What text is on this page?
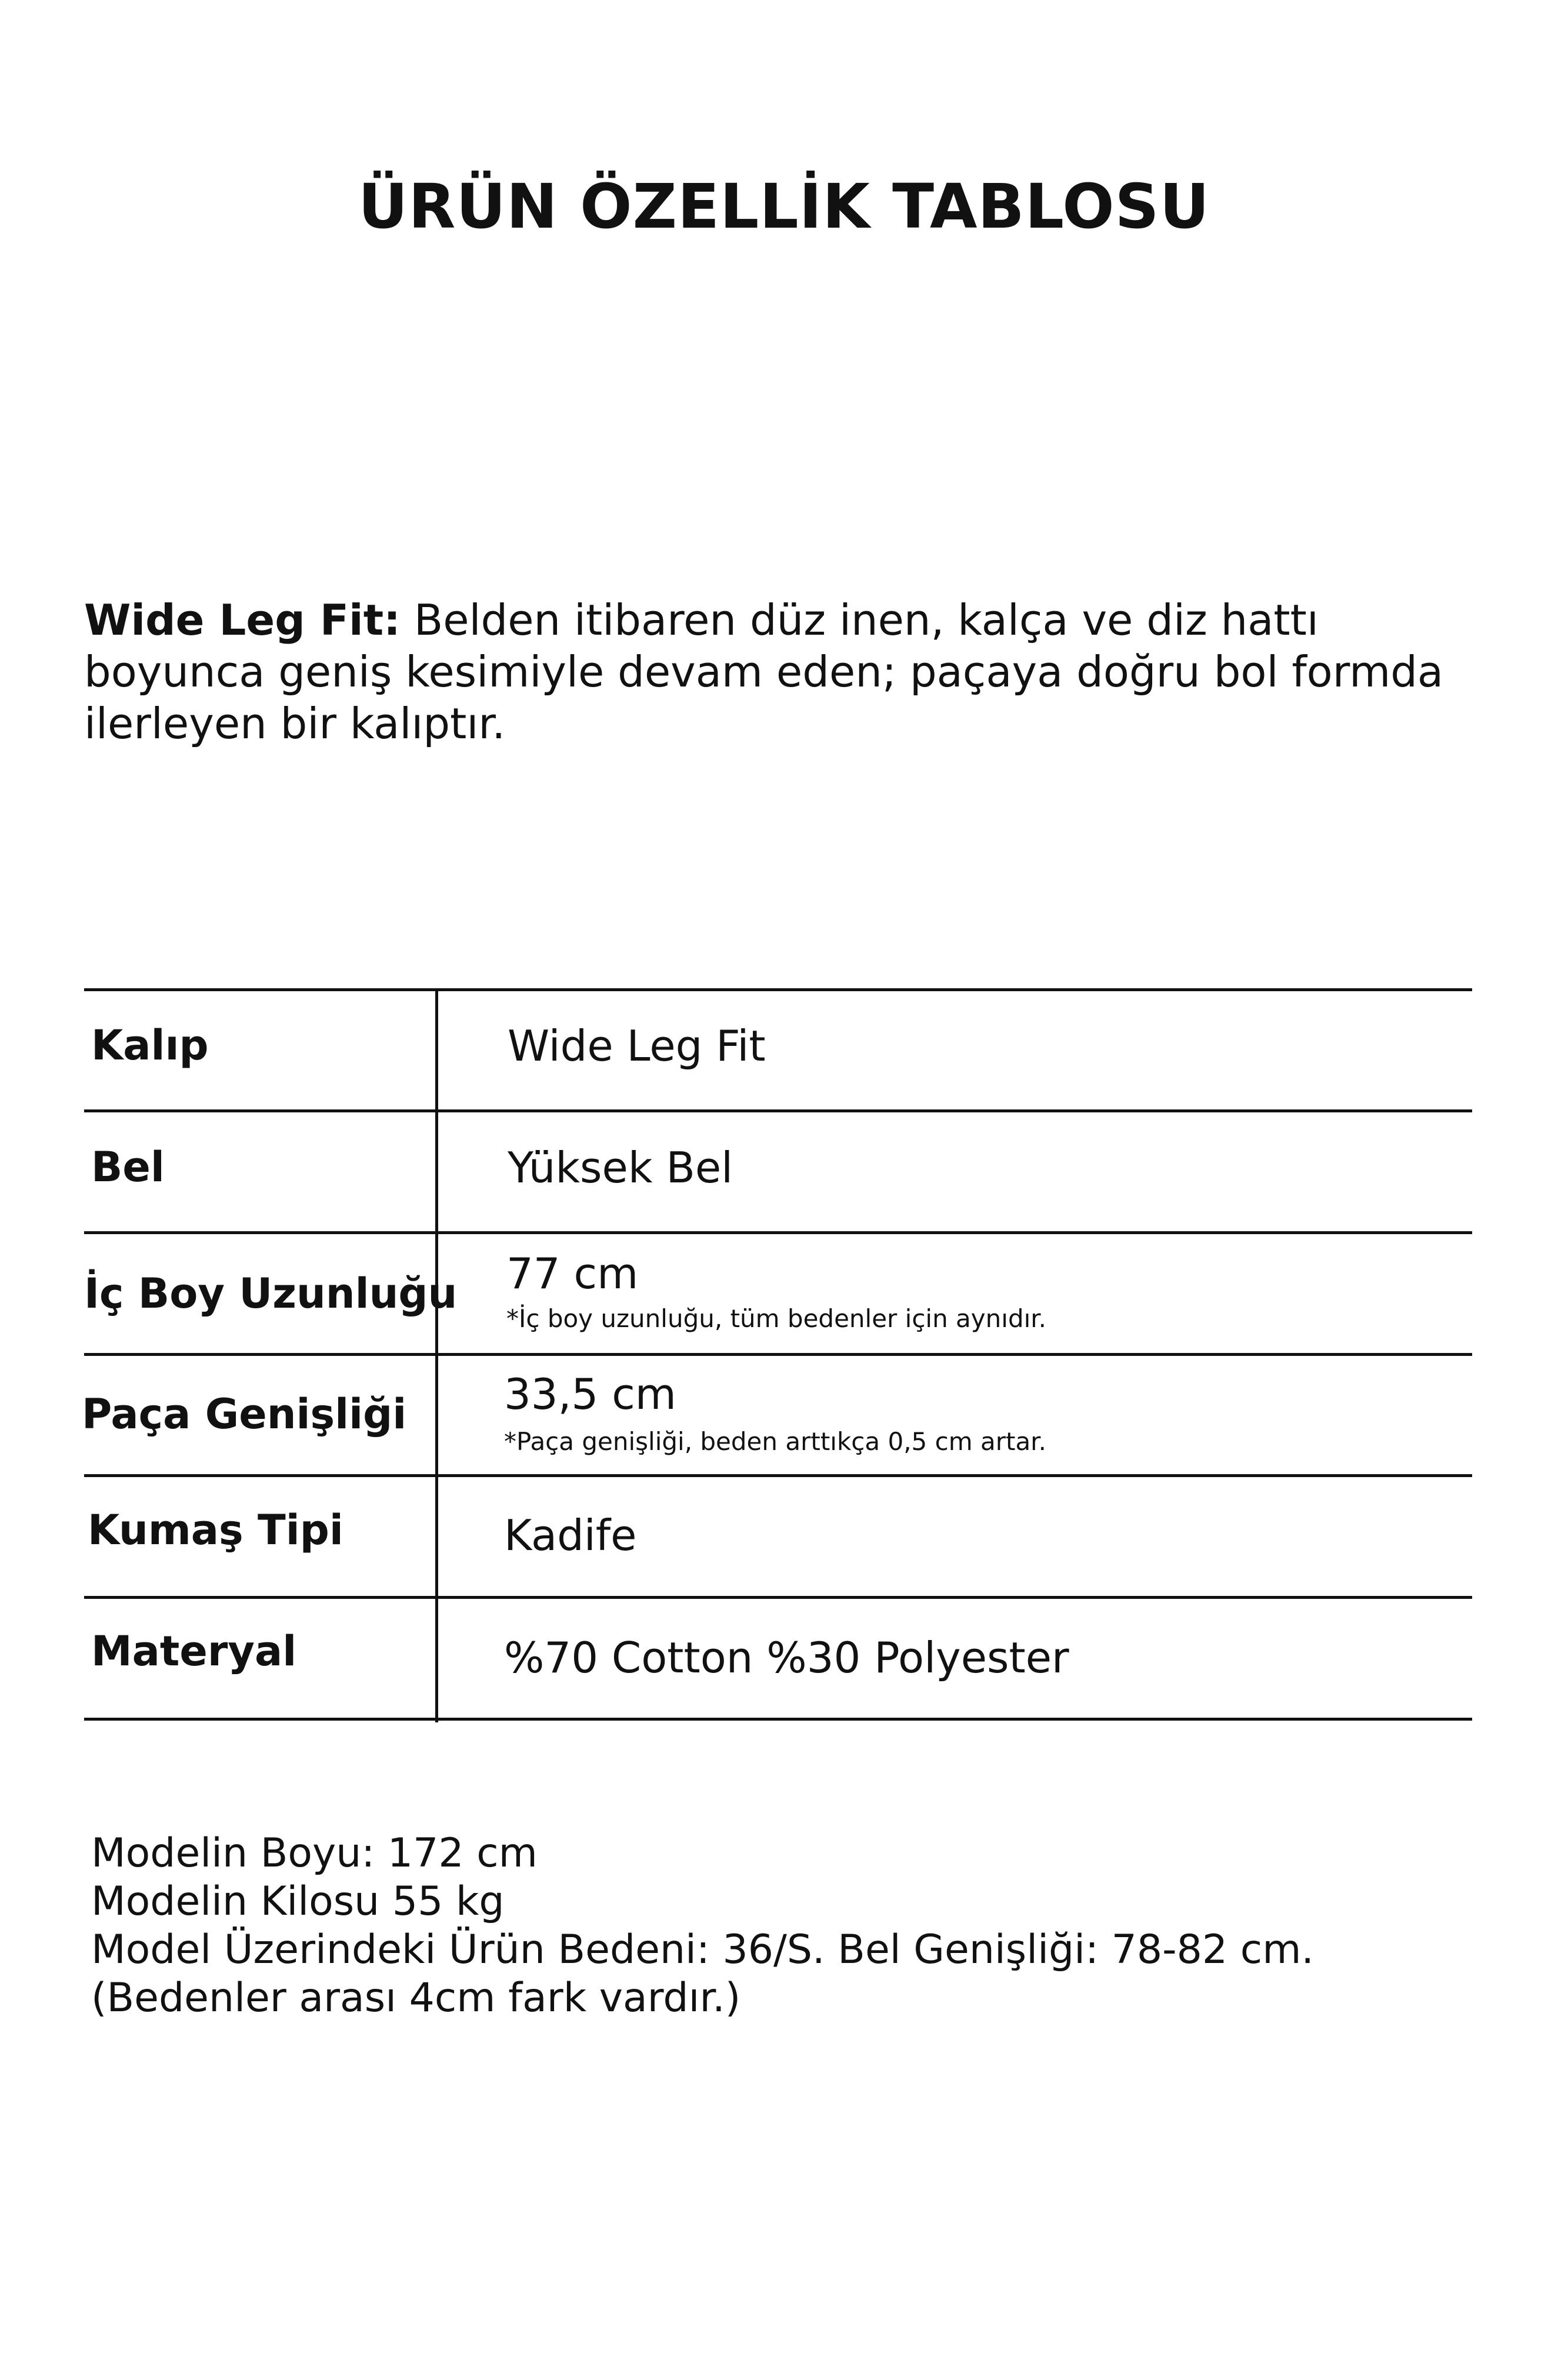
ÜRÜN ÖZELLİK TABLOSU

Wide Leg Fit: Belden itibaren düz inen, kalça ve diz hattı boyunca geniş kesimiyle devam eden; paçaya doğru bol formda ilerleyen bir kalıptır.

Kalıp	Wide Leg Fit
Bel	Yüksek Bel
İç Boy Uzunluğu 77 cm
*İç boy uzunluğu, tüm bedenler için aynıdır.
Paça Genişliği 33,5 cm
*Paça genişliği, beden arttıkça 0,5 cm artar.
Kumaş Tipi	Kadife
Materyal	%70 Cotton %30 Polyester
Modelin Boyu: 172 cm
Modelin Kilosu 55 kg
Model Üzerindeki Ürün Bedeni: 36/S. Bel Genişliği: 78-82 cm. (Bedenler arası 4cm fark vardır.)
